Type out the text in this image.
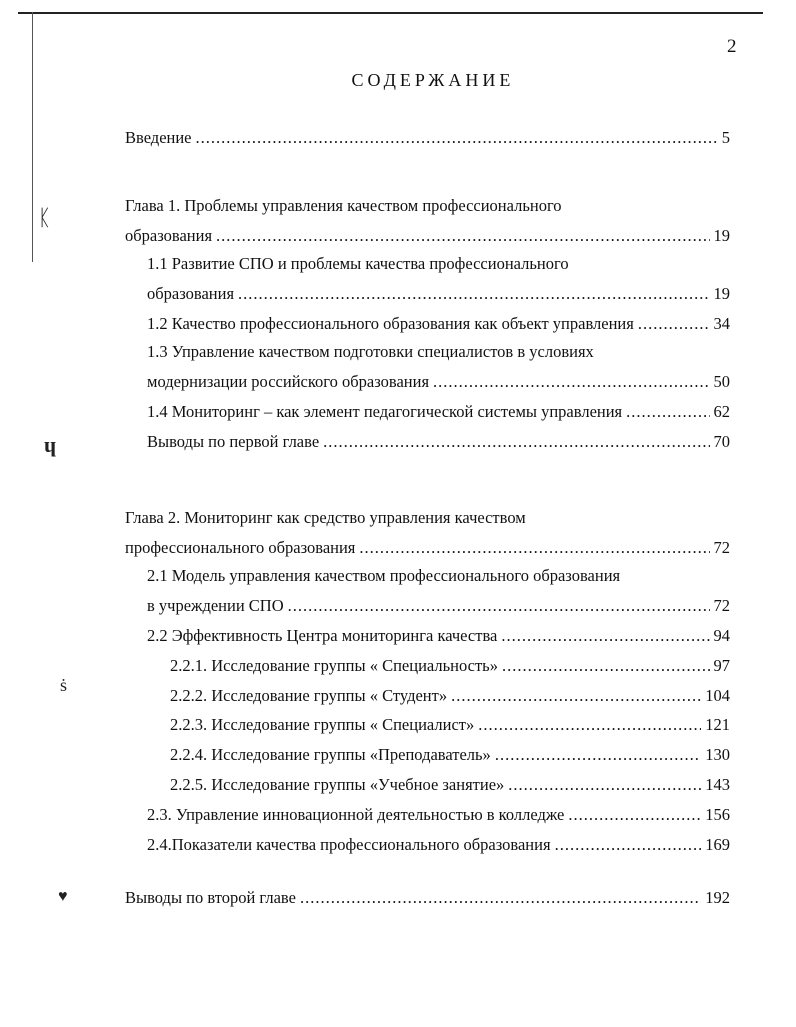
2
СОДЕРЖАНИЕ
Введение .....	5
Глава 1. Проблемы управления качеством профессионального
образования .....	19
1.1 Развитие СПО и проблемы качества профессионального
образования .....	19
1.2 Качество профессионального образования как объект управления .....	34
1.3 Управление качеством подготовки специалистов в условиях
модернизации российского образования .....	50
1.4 Мониторинг – как элемент педагогической системы управления .....	62
Выводы по первой главе .....	70
Глава 2. Мониторинг как средство управления качеством
профессионального образования .....	72
2.1 Модель управления качеством профессионального образования
в учреждении СПО .....	72
2.2 Эффективность Центра мониторинга качества .....	94
2.2.1. Исследование группы « Специальность» .....	97
2.2.2. Исследование группы « Студент» .....	104
2.2.3. Исследование группы « Специалист» .....	121
2.2.4. Исследование группы «Преподаватель» .....	130
2.2.5. Исследование группы «Учебное занятие» .....	143
2.3. Управление инновационной деятельностью в колледже .....	156
2.4.Показатели качества профессионального образования .....	169
Выводы по второй главе .....	192
ᛕ
ɥ
ṡ
♥
